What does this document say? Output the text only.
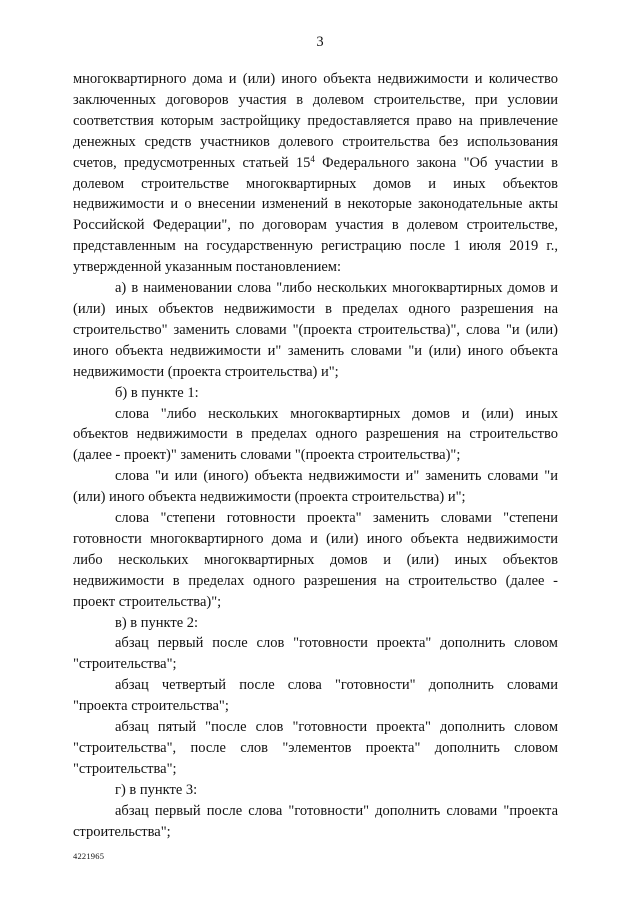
3

многоквартирного дома и (или) иного объекта недвижимости и количество заключенных договоров участия в долевом строительстве, при условии соответствия которым застройщику предоставляется право на привлечение денежных средств участников долевого строительства без использования счетов, предусмотренных статьей $15^4$ Федерального закона "Об участии в долевом строительстве многоквартирных домов и иных объектов недвижимости и о внесении изменений в некоторые законодательные акты Российской Федерации", по договорам участия в долевом строительстве, представленным на государственную регистрацию после 1 июля 2019 г., утвержденной указанным постановлением:

а) в наименовании слова "либо нескольких многоквартирных домов и (или) иных объектов недвижимости в пределах одного разрешения на строительство" заменить словами "(проекта строительства)", слова "и (или) иного объекта недвижимости и" заменить словами "и (или) иного объекта недвижимости (проекта строительства) и";

б) в пункте 1:

слова "либо нескольких многоквартирных домов и (или) иных объектов недвижимости в пределах одного разрешения на строительство (далее - проект)" заменить словами "(проекта строительства)";

слова "и или (иного) объекта недвижимости и" заменить словами "и (или) иного объекта недвижимости (проекта строительства) и";

слова "степени готовности проекта" заменить словами "степени готовности многоквартирного дома и (или) иного объекта недвижимости либо нескольких многоквартирных домов и (или) иных объектов недвижимости в пределах одного разрешения на строительство (далее - проект строительства)";

в) в пункте 2:

абзац первый после слов "готовности проекта" дополнить словом "строительства";

абзац четвертый после слова "готовности" дополнить словами "проекта строительства";

абзац пятый "после слов "готовности проекта" дополнить словом "строительства", после слов "элементов проекта" дополнить словом "строительства";

г) в пункте 3:

абзац первый после слова "готовности" дополнить словами "проекта строительства";

4221965
